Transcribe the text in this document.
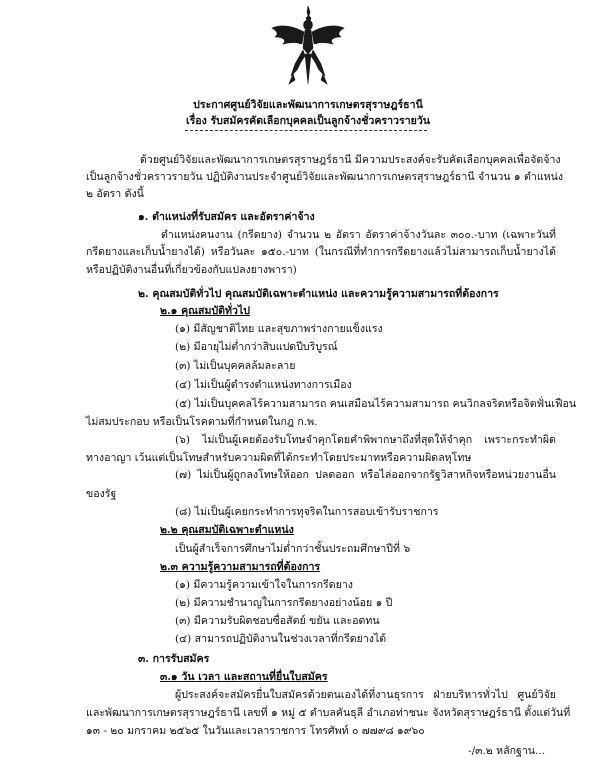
ประกาศศูนย์วิจัยและพัฒนาการเกษตรสุราษฎร์ธานี
เรื่อง รับสมัครคัดเลือกบุคคลเป็นลูกจ้างชั่วคราวรายวัน
ด้วยศูนย์วิจัยและพัฒนาการเกษตรสุราษฎร์ธานี มีความประสงค์จะรับคัดเลือกบุคคลเพื่อจัดจ้าง
เป็นลูกจ้างชั่วคราวรายวัน ปฏิบัติงานประจำศูนย์วิจัยและพัฒนาการเกษตรสุราษฎร์ธานี จำนวน ๑ ตำแหน่ง
๒ อัตรา ดังนี้
๑. ตำแหน่งที่รับสมัคร และอัตราค่าจ้าง
ตำแหน่งคนงาน (กรีดยาง) จำนวน ๒ อัตรา อัตราค่าจ้างวันละ ๓๐๐.-บาท (เฉพาะวันที่
กรีดยางและเก็บน้ำยางได้) หรือวันละ ๑๕๐.-บาท (ในกรณีที่ทำการกรีดยางแล้วไม่สามารถเก็บน้ำยางได้
หรือปฏิบัติงานอื่นที่เกี่ยวข้องกับแปลงยางพารา)
๒. คุณสมบัติทั่วไป คุณสมบัติเฉพาะตำแหน่ง และความรู้ความสามารถที่ต้องการ
๒.๑ คุณสมบัติทั่วไป
(๑) มีสัญชาติไทย และสุขภาพร่างกายแข็งแรง
(๒) มีอายุไม่ต่ำกว่าสิบแปดปีบริบูรณ์
(๓) ไม่เป็นบุคคลล้มละลาย
(๔) ไม่เป็นผู้ดำรงตำแหน่งทางการเมือง
(๕) ไม่เป็นบุคคลไร้ความสามารถ คนเสมือนไร้ความสามารถ คนวิกลจริตหรือจิตฟั่นเฟือน
ไม่สมประกอบ หรือเป็นโรคตามที่กำหนดในกฎ ก.พ.
(๖) ไม่เป็นผู้เคยต้องรับโทษจำคุกโดยคำพิพากษาถึงที่สุดให้จำคุก เพราะกระทำผิด
ทางอาญา เว้นแต่เป็นโทษสำหรับความผิดที่ได้กระทำโดยประมาทหรือความผิดลหุโทษ
(๗) ไม่เป็นผู้ถูกลงโทษให้ออก ปลดออก หรือไล่ออกจากรัฐวิสาหกิจหรือหน่วยงานอื่น
ของรัฐ
(๘) ไม่เป็นผู้เคยกระทำการทุจริตในการสอบเข้ารับราชการ
๒.๒ คุณสมบัติเฉพาะตำแหน่ง
เป็นผู้สำเร็จการศึกษาไม่ต่ำกว่าชั้นประถมศึกษาปีที่ ๖
๒.๓ ความรู้ความสามารถที่ต้องการ
(๑) มีความรู้ความเข้าใจในการกรีดยาง
(๒) มีความชำนาญในการกรีดยางอย่างน้อย ๑ ปี
(๓) มีความรับผิดชอบซื่อสัตย์ ขยัน และอดทน
(๔) สามารถปฏิบัติงานในช่วงเวลาที่กรีดยางได้
๓. การรับสมัคร
๓.๑ วัน เวลา และสถานที่ยื่นใบสมัคร
ผู้ประสงค์จะสมัครยื่นใบสมัครด้วยตนเองได้ที่งานธุรการ ฝ่ายบริหารทั่วไป ศูนย์วิจัย
และพัฒนาการเกษตรสุราษฎร์ธานี เลขที่ ๑ หมู่ ๕ ตำบลคันธุลี อำเภอท่าชนะ จังหวัดสุราษฎร์ธานี ตั้งแต่วันที่
๑๓ - ๒๐ มกราคม ๒๕๖๕ ในวันและเวลาราชการ โทรศัพท์ ๐ ๗๗๙๘ ๑๙๖๐
-/๓.๒ หลักฐาน...
